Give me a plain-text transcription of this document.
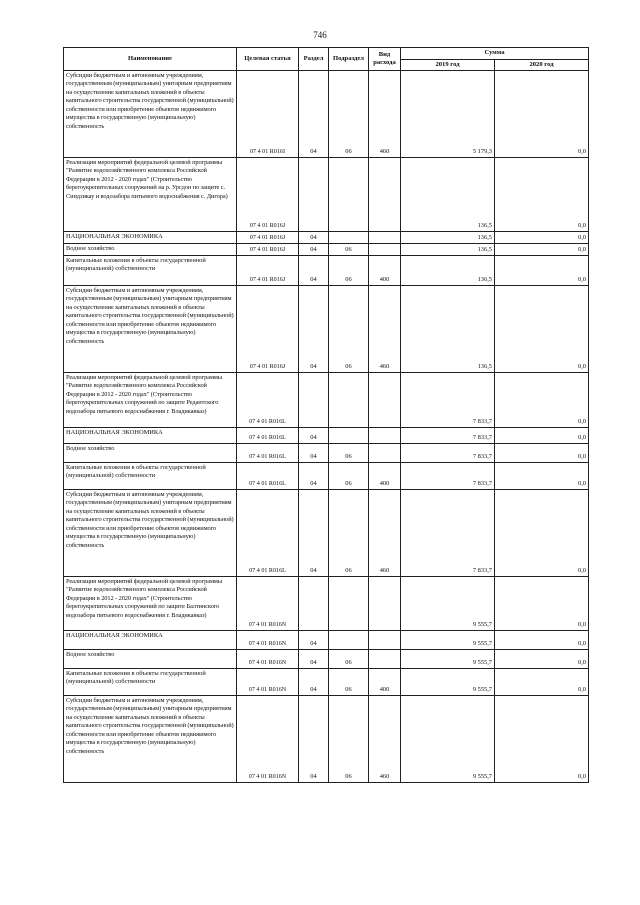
746
Наименование	Целевая статья	Раздел	Подраздел	Вид расхода	Сумма	
					2019 год	2020 год
Субсидии бюджетным и автономным учреждениям, государственным (муниципальным) унитарным предприятиям на осуществление капитальных вложений в объекты капитального строительства государственной (муниципальной) собственности или приобретение объектов недвижимого имущества в государственную (муниципальную) собственность	07 4 01 R016I	04	06	460	5 179,3	0,0
Реализация мероприятий федеральной целевой программы "Развитие водохозяйственного комплекса Российской Федерации в 2012 - 2020 годах" (Строительство берегоукрепительных сооружений на р. Урсдон по защите с. Синдзикау и водозабора питьевого водоснабжения с. Дигора)	07 4 01 R016J				136,5	0,0
НАЦИОНАЛЬНАЯ ЭКОНОМИКА	07 4 01 R016J	04			136,5	0,0
Водное хозяйство	07 4 01 R016J	04	06		136,5	0,0
Капитальные вложения в объекты государственной (муниципальной) собственности	07 4 01 R016J	04	06	400	136,5	0,0
Субсидии бюджетным и автономным учреждениям, государственным (муниципальным) унитарным предприятиям на осуществление капитальных вложений в объекты капитального строительства государственной (муниципальной) собственности или приобретение объектов недвижимого имущества в государственную (муниципальную) собственность	07 4 01 R016J	04	06	460	136,5	0,0
Реализация мероприятий федеральной целевой программы "Развитие водохозяйственного комплекса Российской Федерации в 2012 - 2020 годах" (Строительство берегоукрепительных сооружений по защите Редантского водозабора питьевого водоснабжения г. Владикавказ)	07 4 01 R016L				7 833,7	0,0
НАЦИОНАЛЬНАЯ ЭКОНОМИКА	07 4 01 R016L	04			7 833,7	0,0
Водное хозяйство	07 4 01 R016L	04	06		7 833,7	0,0
Капитальные вложения в объекты государственной (муниципальной) собственности	07 4 01 R016L	04	06	400	7 833,7	0,0
Субсидии бюджетным и автономным учреждениям, государственным (муниципальным) унитарным предприятиям на осуществление капитальных вложений в объекты капитального строительства государственной (муниципальной) собственности или приобретение объектов недвижимого имущества в государственную (муниципальную) собственность	07 4 01 R016L	04	06	460	7 833,7	0,0
Реализация мероприятий федеральной целевой программы "Развитие водохозяйственного комплекса Российской Федерации в 2012 - 2020 годах" (Строительство берегоукрепительных сооружений по защите Балтинского водозабора питьевого водоснабжения г. Владикавказ)	07 4 01 R016N				9 555,7	0,0
НАЦИОНАЛЬНАЯ ЭКОНОМИКА	07 4 01 R016N	04			9 555,7	0,0
Водное хозяйство	07 4 01 R016N	04	06		9 555,7	0,0
Капитальные вложения в объекты государственной (муниципальной) собственности	07 4 01 R016N	04	06	400	9 555,7	0,0
Субсидии бюджетным и автономным учреждениям, государственным (муниципальным) унитарным предприятиям на осуществление капитальных вложений в объекты капитального строительства государственной (муниципальной) собственности или приобретение объектов недвижимого имущества в государственную (муниципальную) собственность	07 4 01 R016N	04	06	460	9 555,7	0,0
